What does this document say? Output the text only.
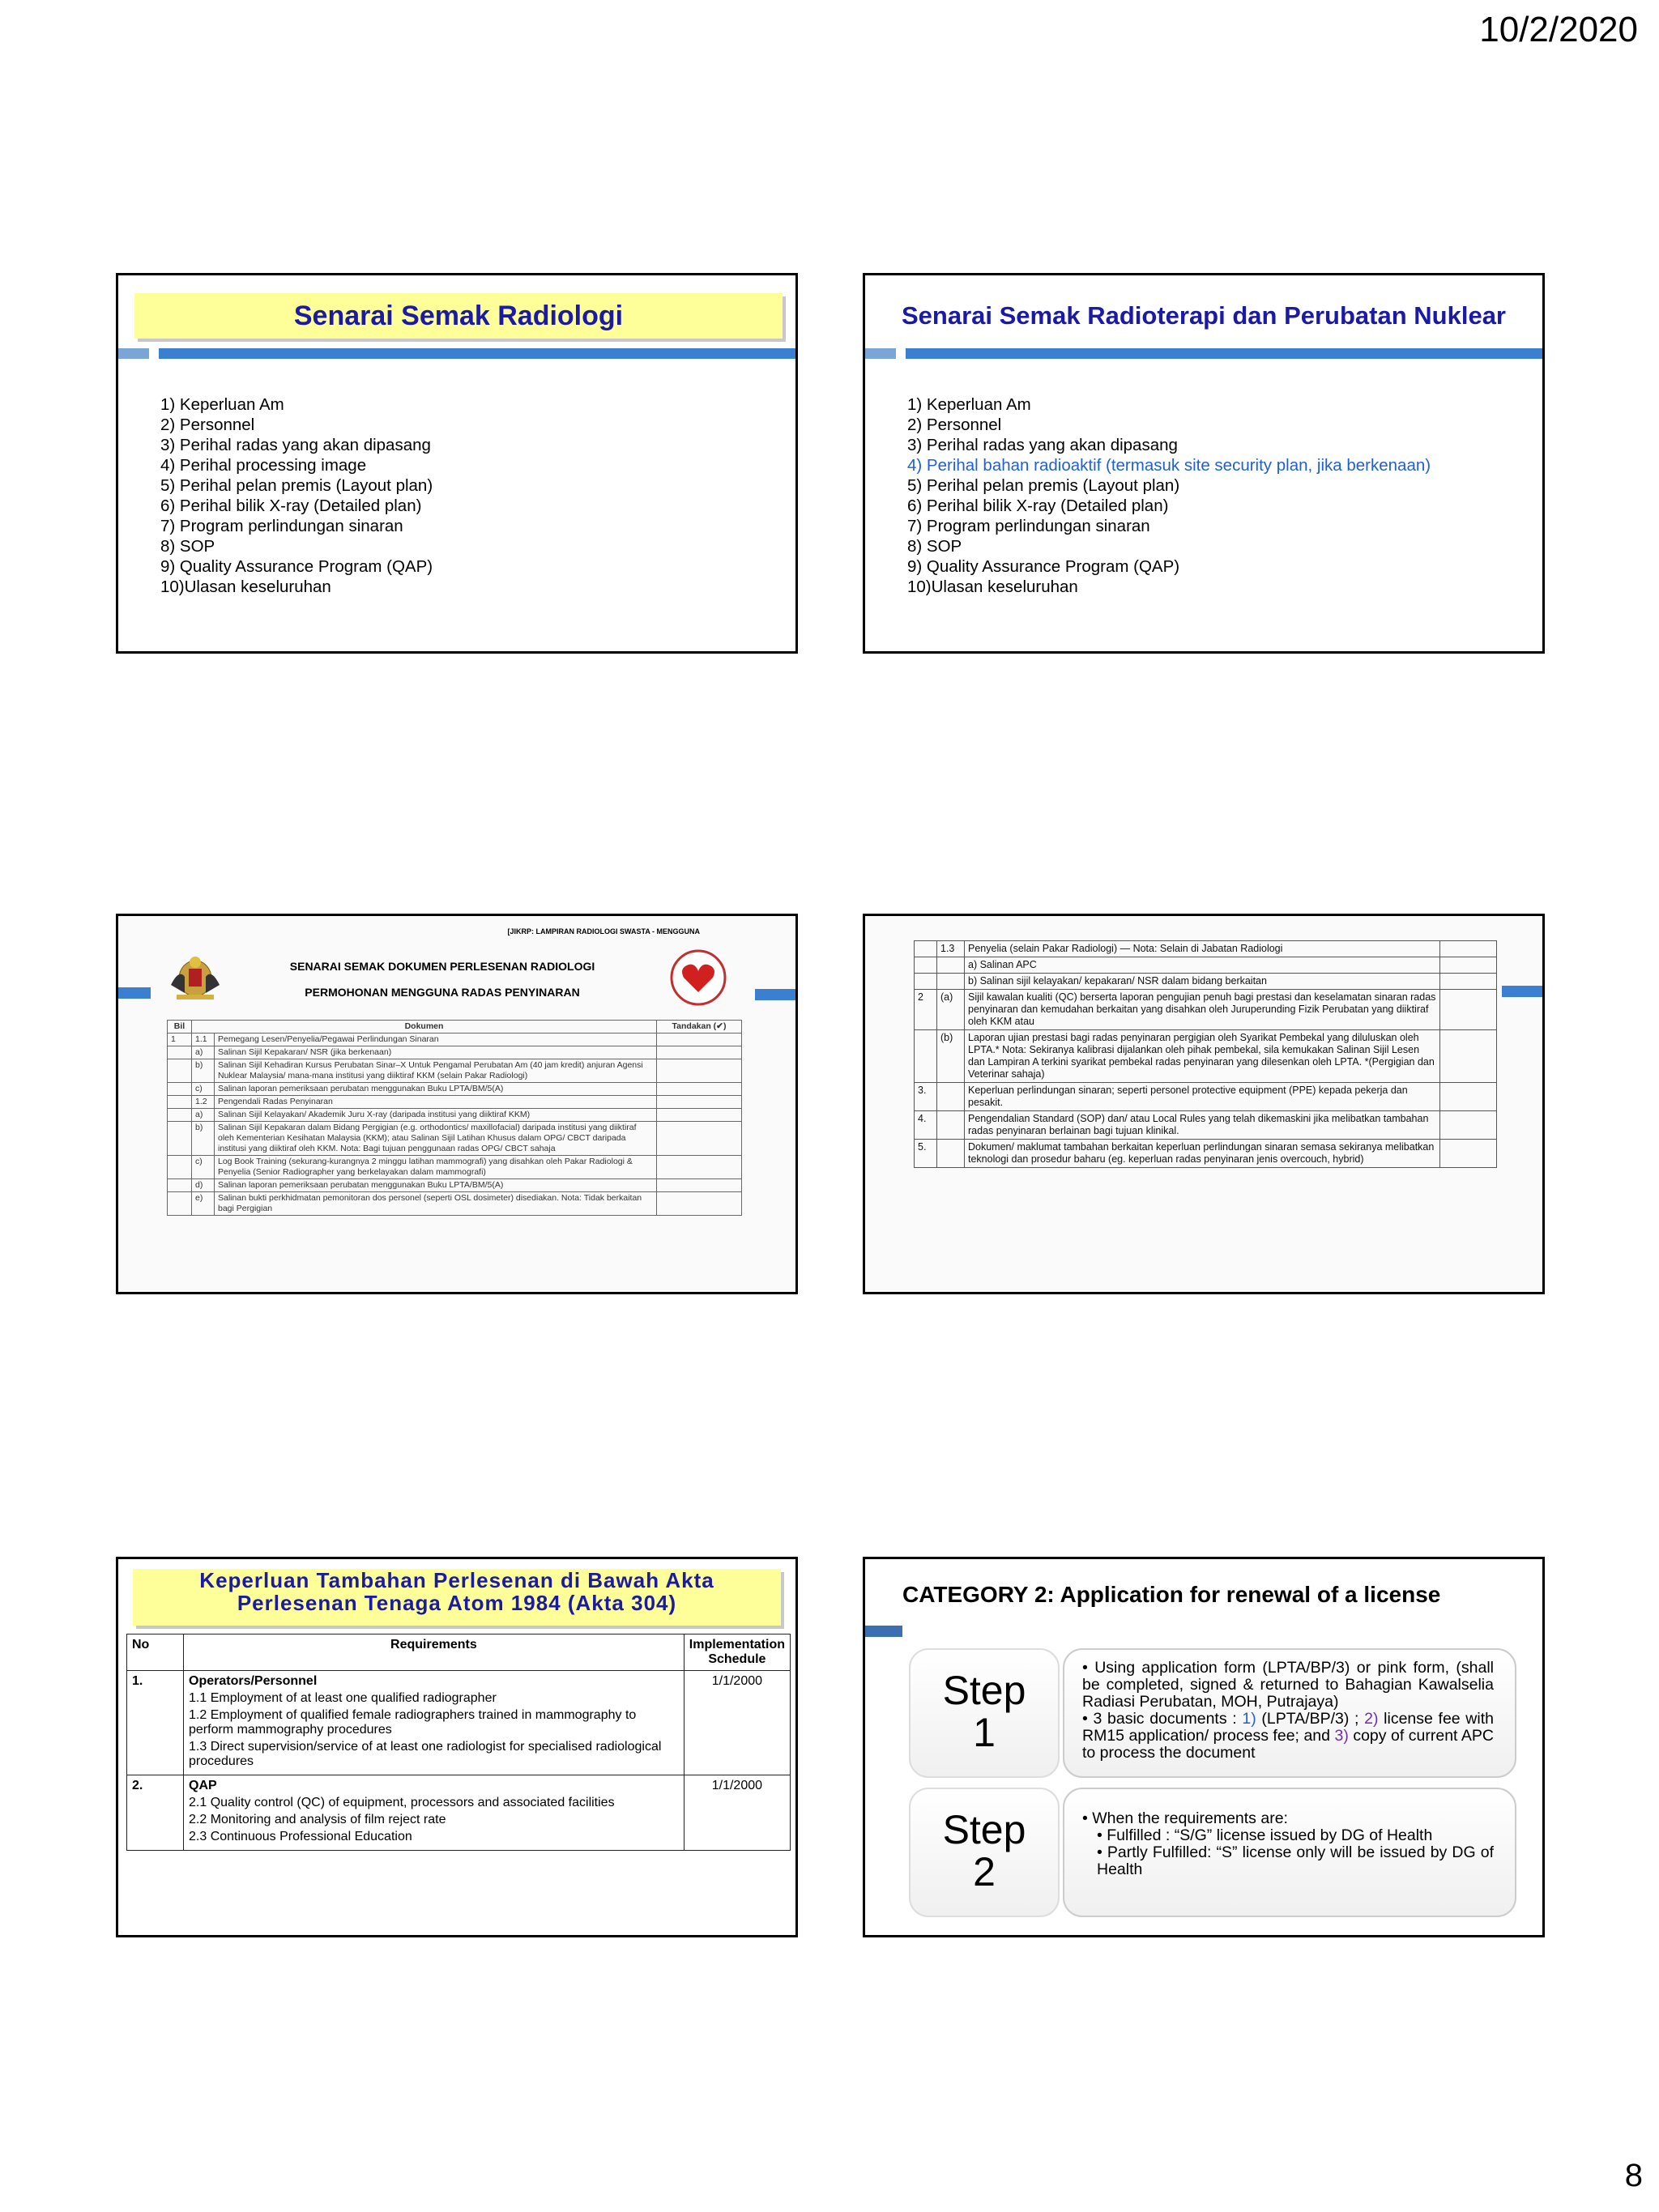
10/2/2020
Senarai Semak Radiologi
1) Keperluan Am
2) Personnel
3) Perihal radas yang akan dipasang
4) Perihal processing image
5) Perihal pelan premis (Layout plan)
6) Perihal bilik X-ray (Detailed plan)
7) Program perlindungan sinaran
8) SOP
9) Quality Assurance Program (QAP)
10)Ulasan keseluruhan
Senarai Semak Radioterapi dan Perubatan Nuklear
1) Keperluan Am
2) Personnel
3) Perihal radas yang akan dipasang
4) Perihal bahan radioaktif (termasuk site security plan, jika berkenaan)
5) Perihal pelan premis (Layout plan)
6) Perihal bilik X-ray (Detailed plan)
7) Program perlindungan sinaran
8) SOP
9) Quality Assurance Program (QAP)
10)Ulasan keseluruhan
[JIKRP: LAMPIRAN RADIOLOGI SWASTA - MENGGUNA
SENARAI SEMAK DOKUMEN PERLESENAN RADIOLOGI
PERMOHONAN MENGGUNA RADAS PENYINARAN
Bil	Dokumen		Tandakan (✔)
1	1.1	Pemegang Lesen/Penyelia/Pegawai Perlindungan Sinaran	
	a)	Salinan Sijil Kepakaran/ NSR (jika berkenaan)	
	b)	Salinan Sijil Kehadiran Kursus Perubatan Sinar–X Untuk Pengamal Perubatan Am (40 jam kredit) anjuran Agensi Nuklear Malaysia/ mana-mana institusi yang diiktiraf KKM (selain Pakar Radiologi)	
	c)	Salinan laporan pemeriksaan perubatan menggunakan Buku LPTA/BM/5(A)	
	1.2	Pengendali Radas Penyinaran	
	a)	Salinan Sijil Kelayakan/ Akademik Juru X-ray (daripada institusi yang diiktiraf KKM)	
	b)	Salinan Sijil Kepakaran dalam Bidang Pergigian (e.g. orthodontics/ maxillofacial) daripada institusi yang diiktiraf oleh Kementerian Kesihatan Malaysia (KKM); atau Salinan Sijil Latihan Khusus dalam OPG/ CBCT daripada institusi yang diiktiraf oleh KKM. Nota: Bagi tujuan penggunaan radas OPG/ CBCT sahaja	
	c)	Log Book Training (sekurang-kurangnya 2 minggu latihan mammografi) yang disahkan oleh Pakar Radiologi & Penyelia (Senior Radiographer yang berkelayakan dalam mammografi)	
	d)	Salinan laporan pemeriksaan perubatan menggunakan Buku LPTA/BM/5(A)	
	e)	Salinan bukti perkhidmatan pemonitoran dos personel (seperti OSL dosimeter) disediakan. Nota: Tidak berkaitan bagi Pergigian	
	1.3	Penyelia (selain Pakar Radiologi) — Nota: Selain di Jabatan Radiologi	
		a) Salinan APC	
		b) Salinan sijil kelayakan/ kepakaran/ NSR dalam bidang berkaitan	
2	(a)	Sijil kawalan kualiti (QC) berserta laporan pengujian penuh bagi prestasi dan keselamatan sinaran radas penyinaran dan kemudahan berkaitan yang disahkan oleh Juruperunding Fizik Perubatan yang diiktiraf oleh KKM atau	
	(b)	Laporan ujian prestasi bagi radas penyinaran pergigian oleh Syarikat Pembekal yang diluluskan oleh LPTA.* Nota: Sekiranya kalibrasi dijalankan oleh pihak pembekal, sila kemukakan Salinan Sijil Lesen dan Lampiran A terkini syarikat pembekal radas penyinaran yang dilesenkan oleh LPTA. *(Pergigian dan Veterinar sahaja)	
3.		Keperluan perlindungan sinaran; seperti personel protective equipment (PPE) kepada pekerja dan pesakit.	
4.		Pengendalian Standard (SOP) dan/ atau Local Rules yang telah dikemaskini jika melibatkan tambahan radas penyinaran berlainan bagi tujuan klinikal.	
5.		Dokumen/ maklumat tambahan berkaitan keperluan perlindungan sinaran semasa sekiranya melibatkan teknologi dan prosedur baharu (eg. keperluan radas penyinaran jenis overcouch, hybrid)	
Keperluan Tambahan Perlesenan di Bawah Akta
Perlesenan Tenaga Atom 1984 (Akta 304)
No	Requirements	Implementation Schedule
1.	Operators/Personnel
1.1 Employment of at least one qualified radiographer
1.2 Employment of qualified female radiographers trained in mammography to perform mammography procedures
1.3 Direct supervision/service of at least one radiologist for specialised radiological procedures	1/1/2000
2.	QAP
2.1 Quality control (QC) of equipment, processors and associated facilities
2.2 Monitoring and analysis of film reject rate
2.3 Continuous Professional Education	1/1/2000
CATEGORY 2: Application for renewal of a license
Step
1

• Using application form (LPTA/BP/3) or pink form, (shall be completed, signed & returned to Bahagian Kawalselia Radiasi Perubatan, MOH, Putrajaya)

• 3 basic documents : 1) (LPTA/BP/3) ; 2) license fee with RM15 application/ process fee; and 3) copy of current APC to process the document

Step
2

• When the requirements are:

• Fulfilled : “S/G” license issued by DG of Health

• Partly Fulfilled: “S” license only will be issued by DG of Health

8
